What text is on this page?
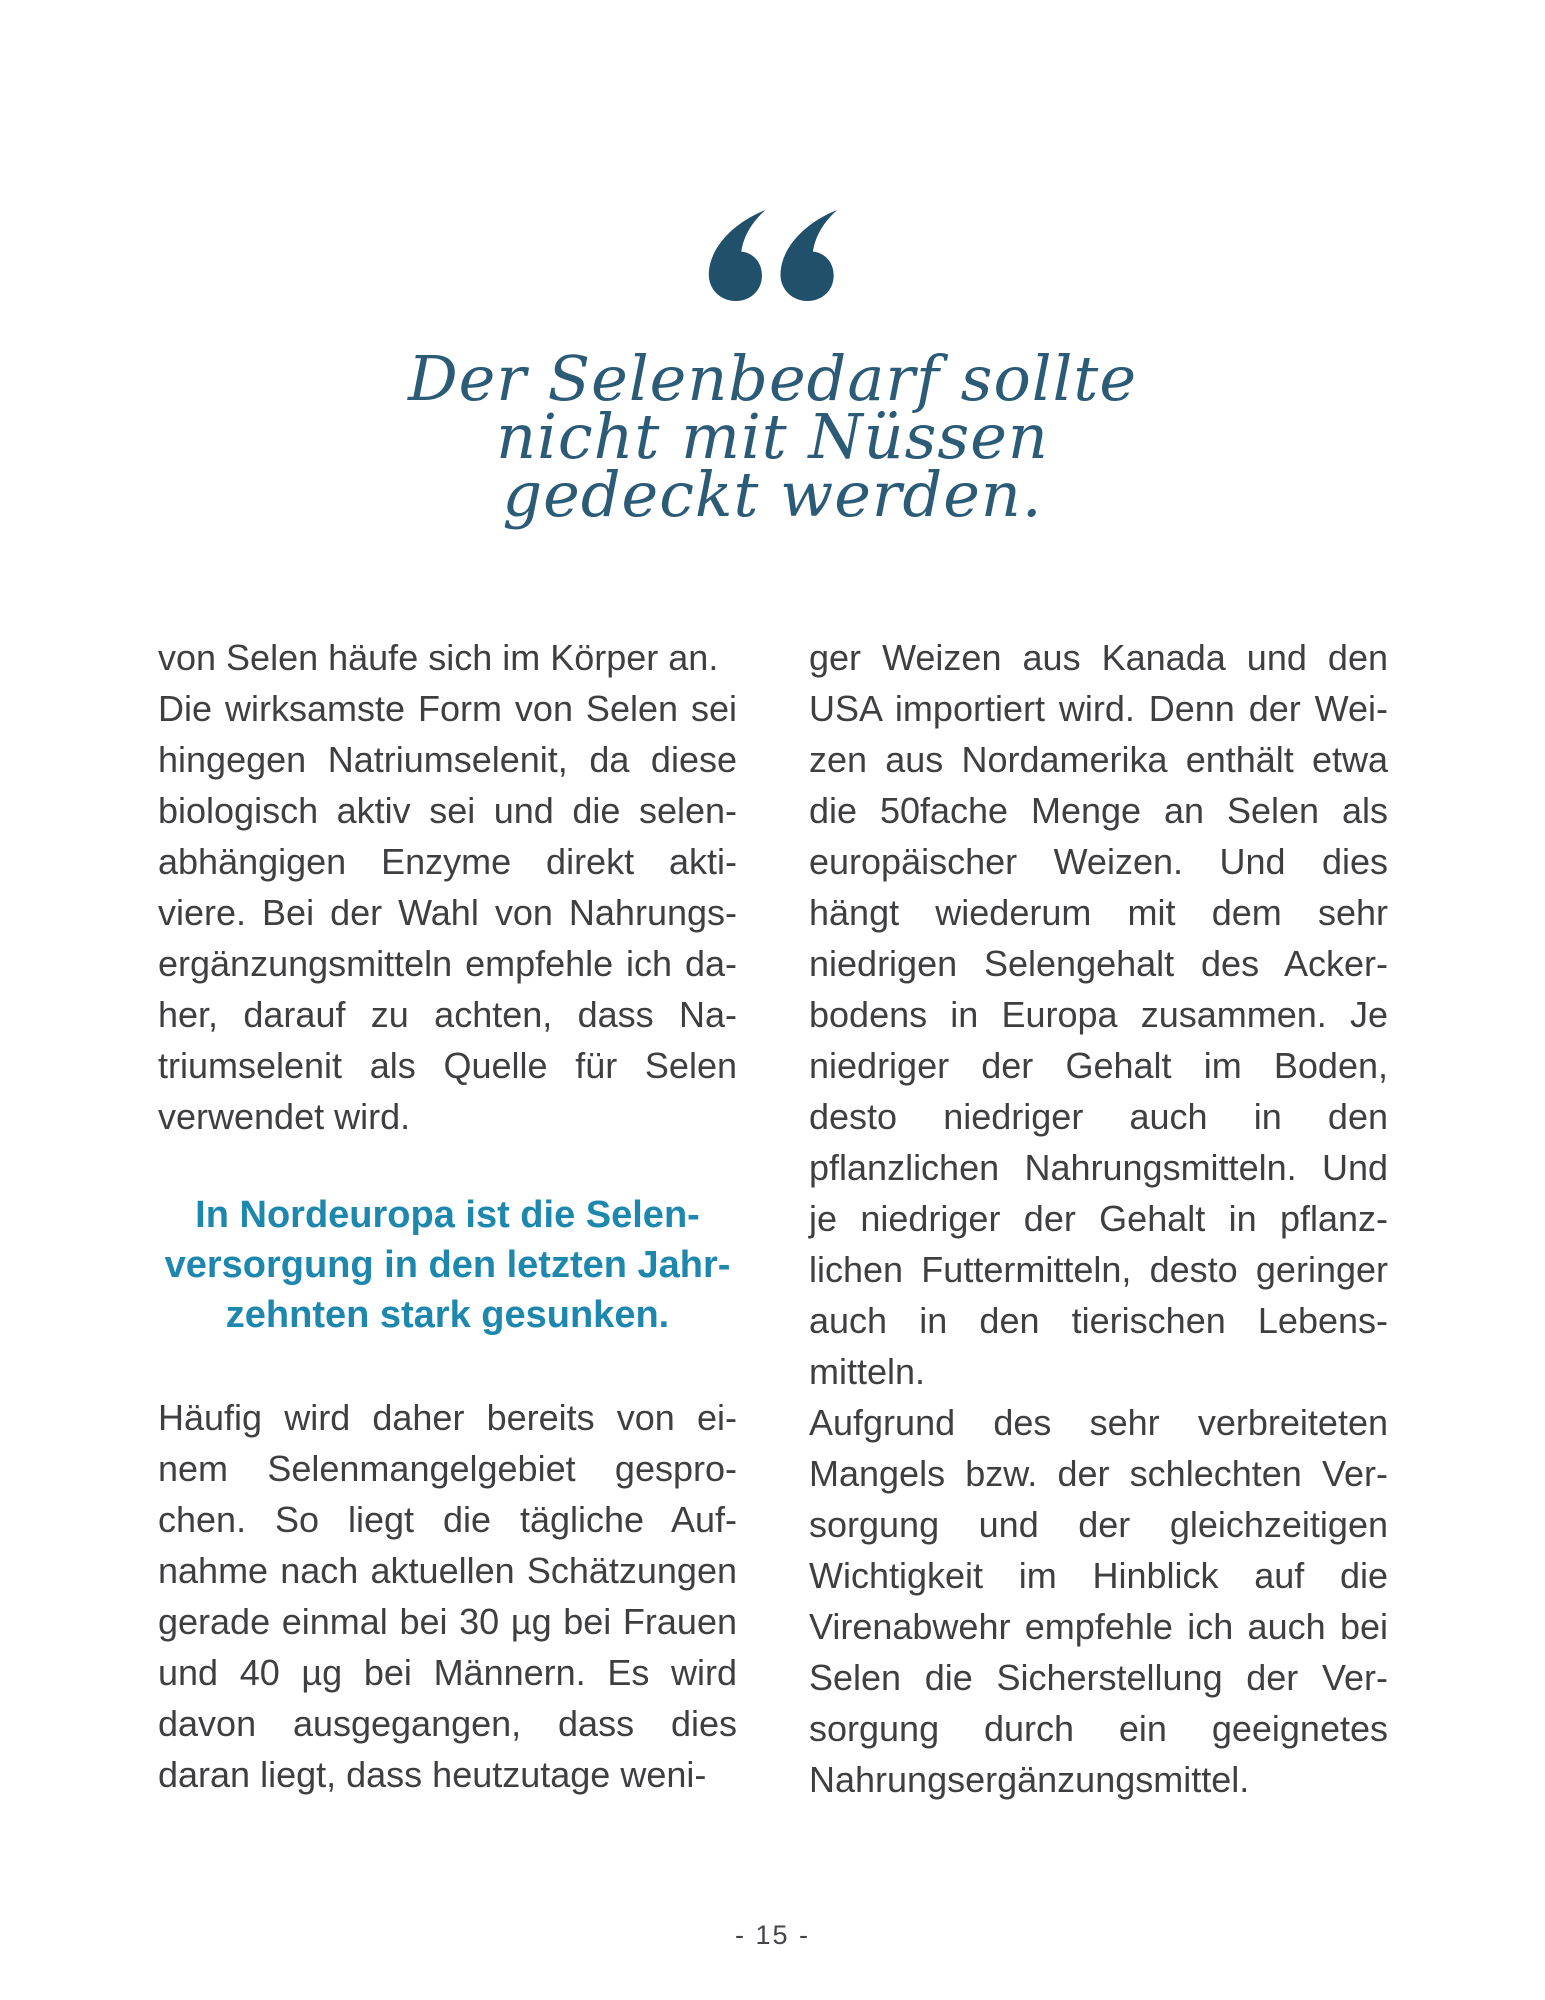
Der Selenbedarf sollte
nicht mit Nüssen
gedeckt werden.
von Selen häufe sich im Körper an.
Die wirksamste Form von Selen sei
hingegen Natriumselenit, da diese
biologisch aktiv sei und die selen-
abhängigen Enzyme direkt akti-
viere. Bei der Wahl von Nahrungs-
ergänzungsmitteln empfehle ich da-
her, darauf zu achten, dass Na-
triumselenit als Quelle für Selen
verwendet wird.
In Nordeuropa ist die Selen-
versorgung in den letzten Jahr-
zehnten stark gesunken.
Häufig wird daher bereits von ei-
nem Selenmangelgebiet gespro-
chen. So liegt die tägliche Auf-
nahme nach aktuellen Schätzungen
gerade einmal bei 30 µg bei Frauen
und 40 µg bei Männern. Es wird
davon ausgegangen, dass dies
daran liegt, dass heutzutage weni-
ger Weizen aus Kanada und den
USA importiert wird. Denn der Wei-
zen aus Nordamerika enthält etwa
die 50fache Menge an Selen als
europäischer Weizen. Und dies
hängt wiederum mit dem sehr
niedrigen Selengehalt des Acker-
bodens in Europa zusammen. Je
niedriger der Gehalt im Boden,
desto niedriger auch in den
pflanzlichen Nahrungsmitteln. Und
je niedriger der Gehalt in pflanz-
lichen Futtermitteln, desto geringer
auch in den tierischen Lebens-
mitteln.
Aufgrund des sehr verbreiteten
Mangels bzw. der schlechten Ver-
sorgung und der gleichzeitigen
Wichtigkeit im Hinblick auf die
Virenabwehr empfehle ich auch bei
Selen die Sicherstellung der Ver-
sorgung durch ein geeignetes
Nahrungsergänzungsmittel.
- 15 -
